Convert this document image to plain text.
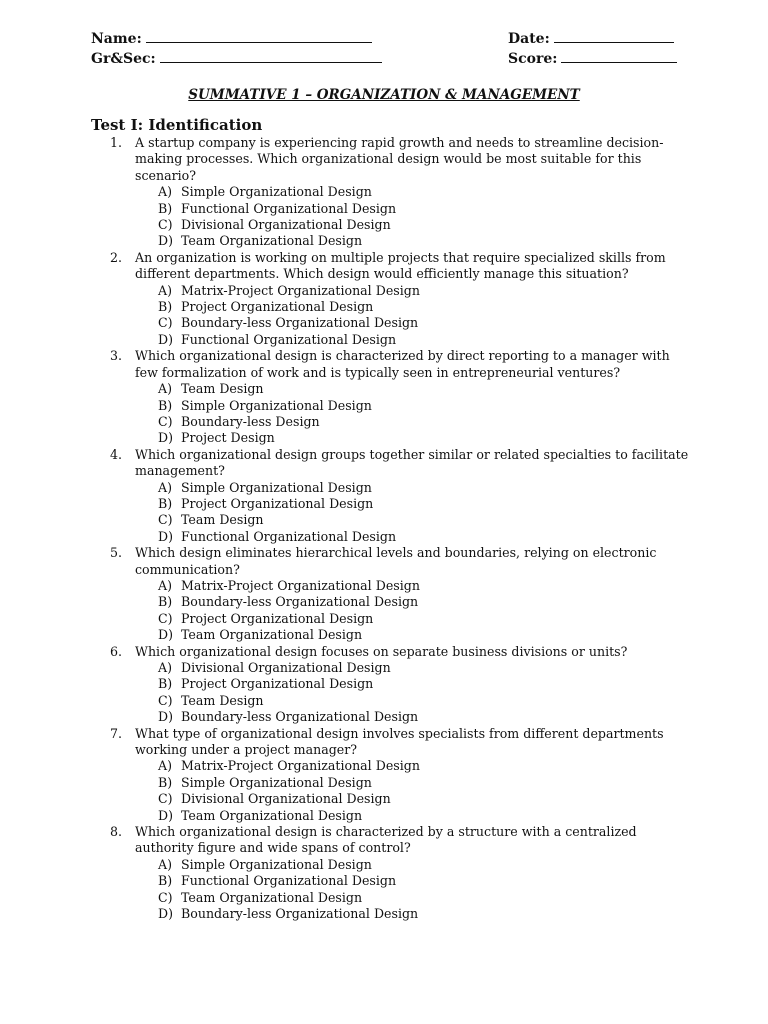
Name:
Gr&Sec:
Date:
Score:
SUMMATIVE 1 – ORGANIZATION & MANAGEMENT
Test I: Identification
1. A startup company is experiencing rapid growth and needs to streamline decision-making processes. Which organizational design would be most suitable for this scenario?
A) Simple Organizational Design
B) Functional Organizational Design
C) Divisional Organizational Design
D) Team Organizational Design
2. An organization is working on multiple projects that require specialized skills from different departments. Which design would efficiently manage this situation?
A) Matrix-Project Organizational Design
B) Project Organizational Design
C) Boundary-less Organizational Design
D) Functional Organizational Design
3. Which organizational design is characterized by direct reporting to a manager with few formalization of work and is typically seen in entrepreneurial ventures?
A) Team Design
B) Simple Organizational Design
C) Boundary-less Design
D) Project Design
4. Which organizational design groups together similar or related specialties to facilitate management?
A) Simple Organizational Design
B) Project Organizational Design
C) Team Design
D) Functional Organizational Design
5. Which design eliminates hierarchical levels and boundaries, relying on electronic communication?
A) Matrix-Project Organizational Design
B) Boundary-less Organizational Design
C) Project Organizational Design
D) Team Organizational Design
6. Which organizational design focuses on separate business divisions or units?
A) Divisional Organizational Design
B) Project Organizational Design
C) Team Design
D) Boundary-less Organizational Design
7. What type of organizational design involves specialists from different departments working under a project manager?
A) Matrix-Project Organizational Design
B) Simple Organizational Design
C) Divisional Organizational Design
D) Team Organizational Design
8. Which organizational design is characterized by a structure with a centralized authority figure and wide spans of control?
A) Simple Organizational Design
B) Functional Organizational Design
C) Team Organizational Design
D) Boundary-less Organizational Design
